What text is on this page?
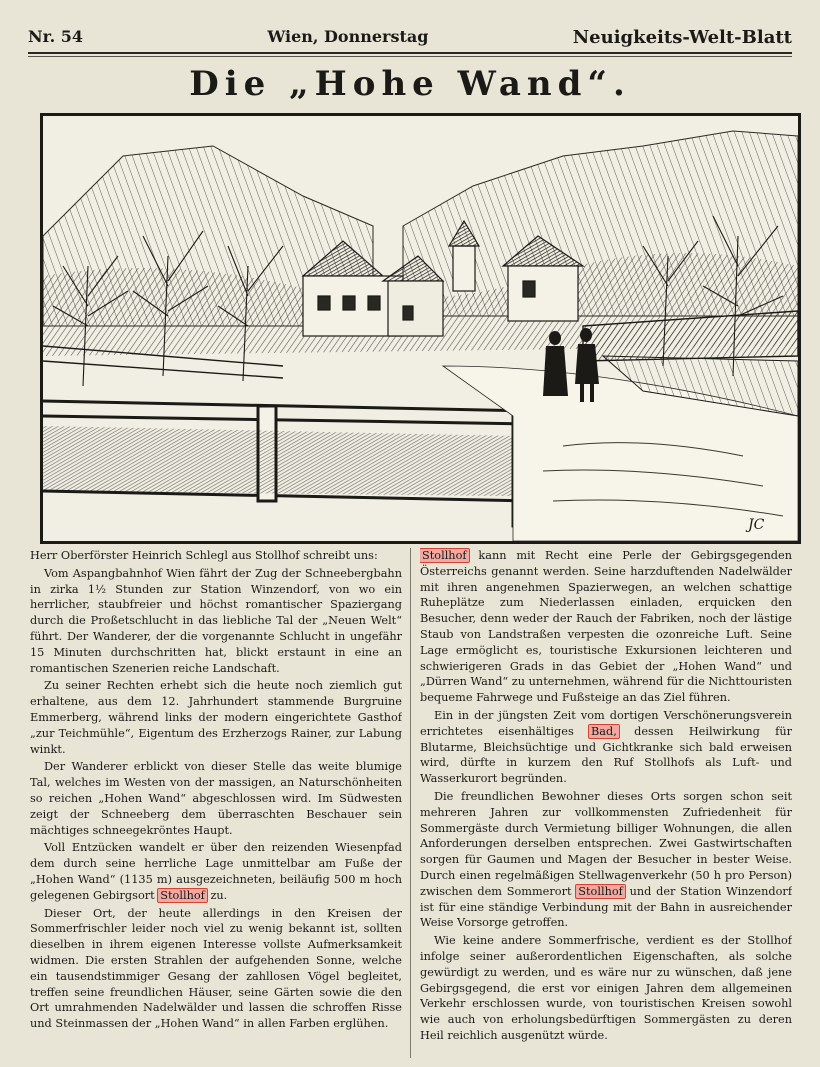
Nr. 54	Wien, Donnerstag	Neuigkeits-Welt-Blatt
Die „Hohe Wand“.
JC

Herr Oberförster Heinrich Schlegl aus Stollhof schreibt uns:

Vom Aspangbahnhof Wien fährt der Zug der Schneebergbahn in zirka 1½ Stunden zur Station Winzendorf, von wo ein herrlicher, staubfreier und höchst romantischer Spaziergang durch die Proßetschlucht in das liebliche Tal der „Neuen Welt“ führt. Der Wanderer, der die vorgenannte Schlucht in ungefähr 15 Minuten durchschritten hat, blickt erstaunt in eine an romantischen Szenerien reiche Landschaft.

Zu seiner Rechten erhebt sich die heute noch ziemlich gut erhaltene, aus dem 12. Jahrhundert stammende Burgruine Emmerberg, während links der modern eingerichtete Gasthof „zur Teichmühle“, Eigentum des Erzherzogs Rainer, zur Labung winkt.

Der Wanderer erblickt von dieser Stelle das weite blumige Tal, welches im Westen von der massigen, an Naturschönheiten so reichen „Hohen Wand“ abgeschlossen wird. Im Südwesten zeigt der Schneeberg dem überraschten Beschauer sein mächtiges schneegekröntes Haupt.

Voll Entzücken wandelt er über den reizenden Wiesenpfad dem durch seine herrliche Lage unmittelbar am Fuße der „Hohen Wand“ (1135 m) ausgezeichneten, beiläufig 500 m hoch gelegenen Gebirgsort Stollhof zu.

Dieser Ort, der heute allerdings in den Kreisen der Sommerfrischler leider noch viel zu wenig bekannt ist, sollten dieselben in ihrem eigenen Interesse vollste Aufmerksamkeit widmen. Die ersten Strahlen der aufgehenden Sonne, welche ein tausendstimmiger Gesang der zahllosen Vögel begleitet, treffen seine freundlichen Häuser, seine Gärten sowie die den Ort umrahmenden Nadelwälder und lassen die schroffen Risse und Steinmassen der „Hohen Wand“ in allen Farben erglühen.

Stollhof kann mit Recht eine Perle der Gebirgsgegenden Österreichs genannt werden. Seine harzduftenden Nadelwälder mit ihren angenehmen Spazierwegen, an welchen schattige Ruheplätze zum Niederlassen einladen, erquicken den Besucher, denn weder der Rauch der Fabriken, noch der lästige Staub von Landstraßen verpesten die ozonreiche Luft. Seine Lage ermöglicht es, touristische Exkursionen leichteren und schwierigeren Grads in das Gebiet der „Hohen Wand“ und „Dürren Wand“ zu unternehmen, während für die Nichttouristen bequeme Fahrwege und Fußsteige an das Ziel führen.

Ein in der jüngsten Zeit vom dortigen Verschönerungsverein errichtetes eisenhältiges Bad, dessen Heilwirkung für Blutarme, Bleichsüchtige und Gichtkranke sich bald erweisen wird, dürfte in kurzem den Ruf Stollhofs als Luft- und Wasserkurort begründen.

Die freundlichen Bewohner dieses Orts sorgen schon seit mehreren Jahren zur vollkommensten Zufriedenheit für Sommergäste durch Vermietung billiger Wohnungen, die allen Anforderungen derselben entsprechen. Zwei Gastwirtschaften sorgen für Gaumen und Magen der Besucher in bester Weise. Durch einen regelmäßigen Stellwagenverkehr (50 h pro Person) zwischen dem Sommerort Stollhof und der Station Winzendorf ist für eine ständige Verbindung mit der Bahn in ausreichender Weise Vorsorge getroffen.

Wie keine andere Sommerfrische, verdient es der Stollhof infolge seiner außerordentlichen Eigenschaften, als solche gewürdigt zu werden, und es wäre nur zu wünschen, daß jene Gebirgsgegend, die erst vor einigen Jahren dem allgemeinen Verkehr erschlossen wurde, von touristischen Kreisen sowohl wie auch von erholungsbedürftigen Sommergästen zu deren Heil reichlich ausgenützt würde.
